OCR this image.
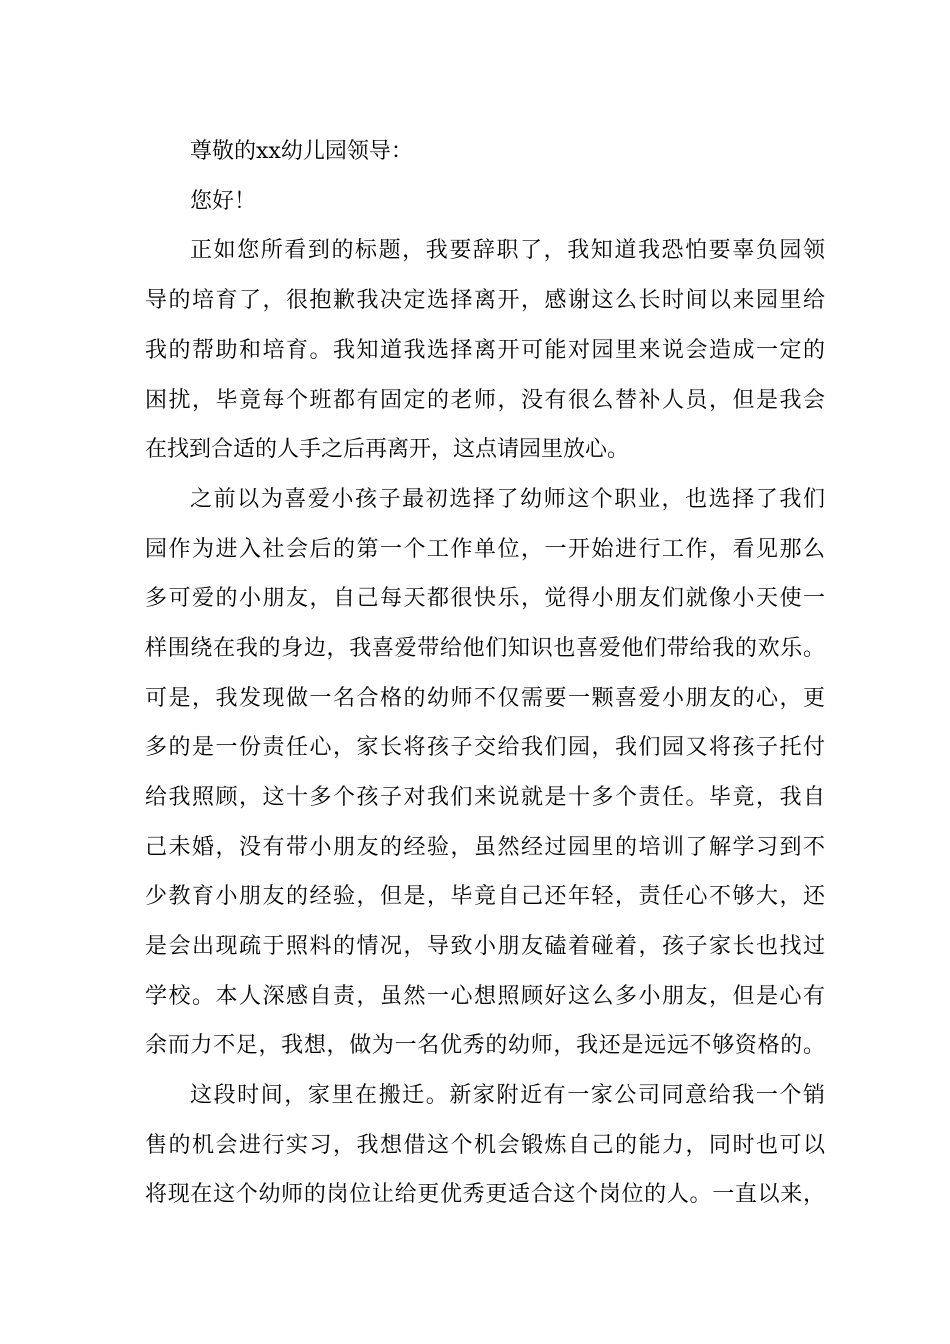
尊敬的xx幼儿园领导：

您好！

正如您所看到的标题，我要辞职了，我知道我恐怕要辜负园领

导的培育了，很抱歉我决定选择离开，感谢这么长时间以来园里给

我的帮助和培育。我知道我选择离开可能对园里来说会造成一定的

困扰，毕竟每个班都有固定的老师，没有很么替补人员，但是我会

在找到合适的人手之后再离开，这点请园里放心。

之前以为喜爱小孩子最初选择了幼师这个职业，也选择了我们

园作为进入社会后的第一个工作单位，一开始进行工作，看见那么

多可爱的小朋友，自己每天都很快乐，觉得小朋友们就像小天使一

样围绕在我的身边，我喜爱带给他们知识也喜爱他们带给我的欢乐。

可是，我发现做一名合格的幼师不仅需要一颗喜爱小朋友的心，更

多的是一份责任心，家长将孩子交给我们园，我们园又将孩子托付

给我照顾，这十多个孩子对我们来说就是十多个责任。毕竟，我自

己未婚，没有带小朋友的经验，虽然经过园里的培训了解学习到不

少教育小朋友的经验，但是，毕竟自己还年轻，责任心不够大，还

是会出现疏于照料的情况，导致小朋友磕着碰着，孩子家长也找过

学校。本人深感自责，虽然一心想照顾好这么多小朋友，但是心有

余而力不足，我想，做为一名优秀的幼师，我还是远远不够资格的。

这段时间，家里在搬迁。新家附近有一家公司同意给我一个销

售的机会进行实习，我想借这个机会锻炼自己的能力，同时也可以

将现在这个幼师的岗位让给更优秀更适合这个岗位的人。一直以来，
